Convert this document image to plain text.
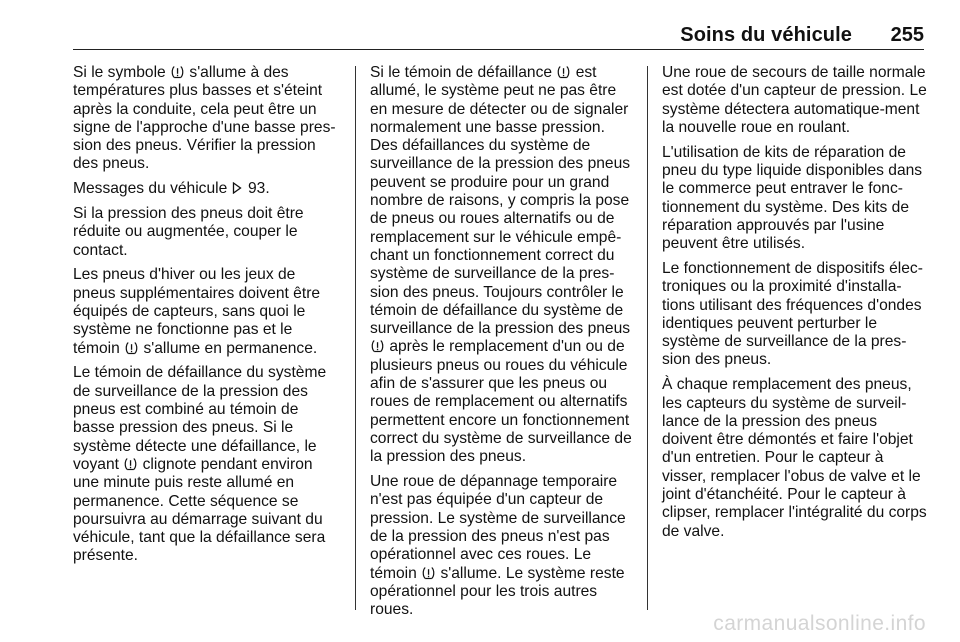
Soins du véhicule 255

Si le symbole
s'allume à des températures plus basses et s'éteint après la conduite, cela peut être un signe de l'approche d'une basse pres-sion des pneus. Vérifier la pression des pneus.

Messages du véhicule  93.

Si la pression des pneus doit être réduite ou augmentée, couper le contact.

Les pneus d'hiver ou les jeux de pneus supplémentaires doivent être équipés de capteurs, sans quoi le système ne fonctionne pas et le témoin
s'allume en permanence.

Le témoin de défaillance du système de surveillance de la pression des pneus est combiné au témoin de basse pression des pneus. Si le système détecte une défaillance, le voyant
clignote pendant environ une minute puis reste allumé en permanence. Cette séquence se poursuivra au démarrage suivant du véhicule, tant que la défaillance sera présente.

Si le témoin de défaillance
est allumé, le système peut ne pas être en mesure de détecter ou de signaler normalement une basse pression. Des défaillances du système de surveillance de la pression des pneus peuvent se produire pour un grand nombre de raisons, y compris la pose de pneus ou roues alternatifs ou de remplacement sur le véhicule empê-chant un fonctionnement correct du système de surveillance de la pres-sion des pneus. Toujours contrôler le témoin de défaillance du système de surveillance de la pression des pneus
après le remplacement d'un ou de plusieurs pneus ou roues du véhicule afin de s'assurer que les pneus ou roues de remplacement ou alternatifs permettent encore un fonctionnement correct du système de surveillance de la pression des pneus.

Une roue de dépannage temporaire n'est pas équipée d'un capteur de pression. Le système de surveillance de la pression des pneus n'est pas opérationnel avec ces roues. Le témoin
s'allume. Le système reste opérationnel pour les trois autres roues.

Une roue de secours de taille normale est dotée d'un capteur de pression. Le système détectera automatique-ment la nouvelle roue en roulant.

L'utilisation de kits de réparation de pneu du type liquide disponibles dans le commerce peut entraver le fonc-tionnement du système. Des kits de réparation approuvés par l'usine peuvent être utilisés.

Le fonctionnement de dispositifs élec-troniques ou la proximité d'installa-tions utilisant des fréquences d'ondes identiques peuvent perturber le système de surveillance de la pres-sion des pneus.

À chaque remplacement des pneus, les capteurs du système de surveil-lance de la pression des pneus doivent être démontés et faire l'objet d'un entretien. Pour le capteur à visser, remplacer l'obus de valve et le joint d'étanchéité. Pour le capteur à clipser, remplacer l'intégralité du corps de valve.

carmanualsonline.info
